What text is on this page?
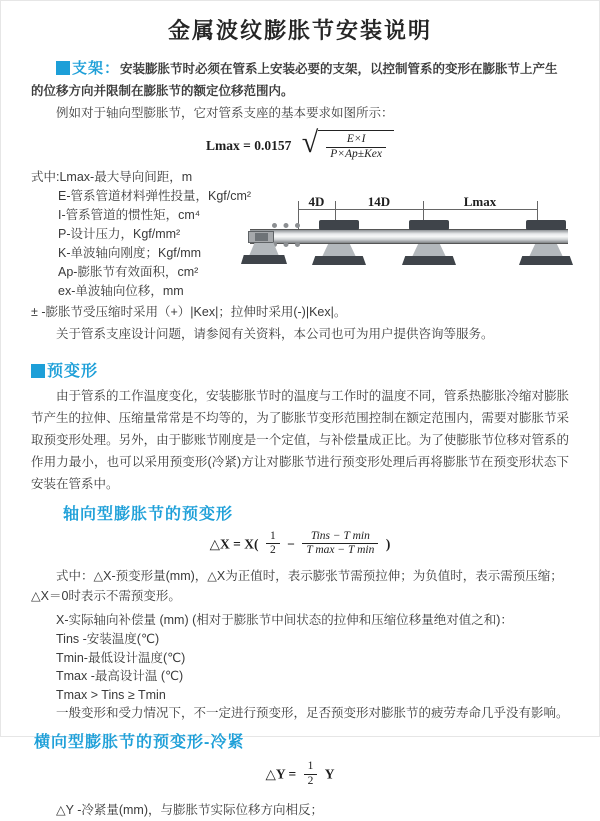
金属波纹膨胀节安装说明

支架：安装膨胀节时必须在管系上安装必要的支架，以控制管系的变形在膨胀节上产生的位移方向并限制在膨胀节的额定位移范围内。

例如对于轴向型膨胀节，它对管系支座的基本要求如图所示：

Lmax = 0.0157 √ $\frac{E\times I}{\text{P×Ap±Kex}}$
式中:Lmax-最大导向间距，m
E-管系管道材料弹性投量，Kgf/cm²
I-管系管道的惯性矩，cm⁴
P-设计压力，Kgf/mm²
K-单波轴向刚度；Kgf/mm
Ap-膨胀节有效面积，cm²
ex-单波轴向位移，mm
4D	14D	Lmax

± -膨胀节受压缩时采用（+）|Kex|；拉伸时采用(-)|Kex|。

关于管系支座设计问题，请参阅有关资料，本公司也可为用户提供咨询等服务。

预变形

由于管系的工作温度变化，安装膨胀节时的温度与工作时的温度不同，管系热膨胀冷缩对膨胀节产生的拉伸、压缩量常常是不均等的，为了膨胀节变形范围控制在额定范围内，需要对膨胀节采取预变形处理。另外，由于膨账节刚度是一个定值，与补偿量成正比。为了使膨胀节位移对管系的作用力最小，也可以采用预变形(冷紧)方让对膨胀节进行预变形处理后再将膨胀节在预变形状态下安装在管系中。

轴向型膨胀节的预变形
△X = $X( \frac{1}{2} - \frac{\text{Tins − T min}}{\text{T max − T min}}$ )

式中：△X-预变形量(mm)，△X为正值时，表示膨张节需预拉伸；为负值时，表示需预压缩；△X＝0时表示不需预变形。

X-实际轴向补偿量 (mm) (相对于膨胀节中间状态的拉伸和压缩位移量绝对值之和)：

Tins -安装温度(℃)
Tmin-最低设计温度(℃)
Tmax -最高设计温 (℃)
Tmax > Tins ≥ Tmin

一般变形和受力情况下，不一定进行预变形，足否预变形对膨胀节的疲劳寿命几乎没有影响。

横向型膨胀节的预变形-冷紧
△Y = $\frac{1}{2}$ Y

△Y -冷紧量(mm)，与膨胀节实际位移方向相反；
